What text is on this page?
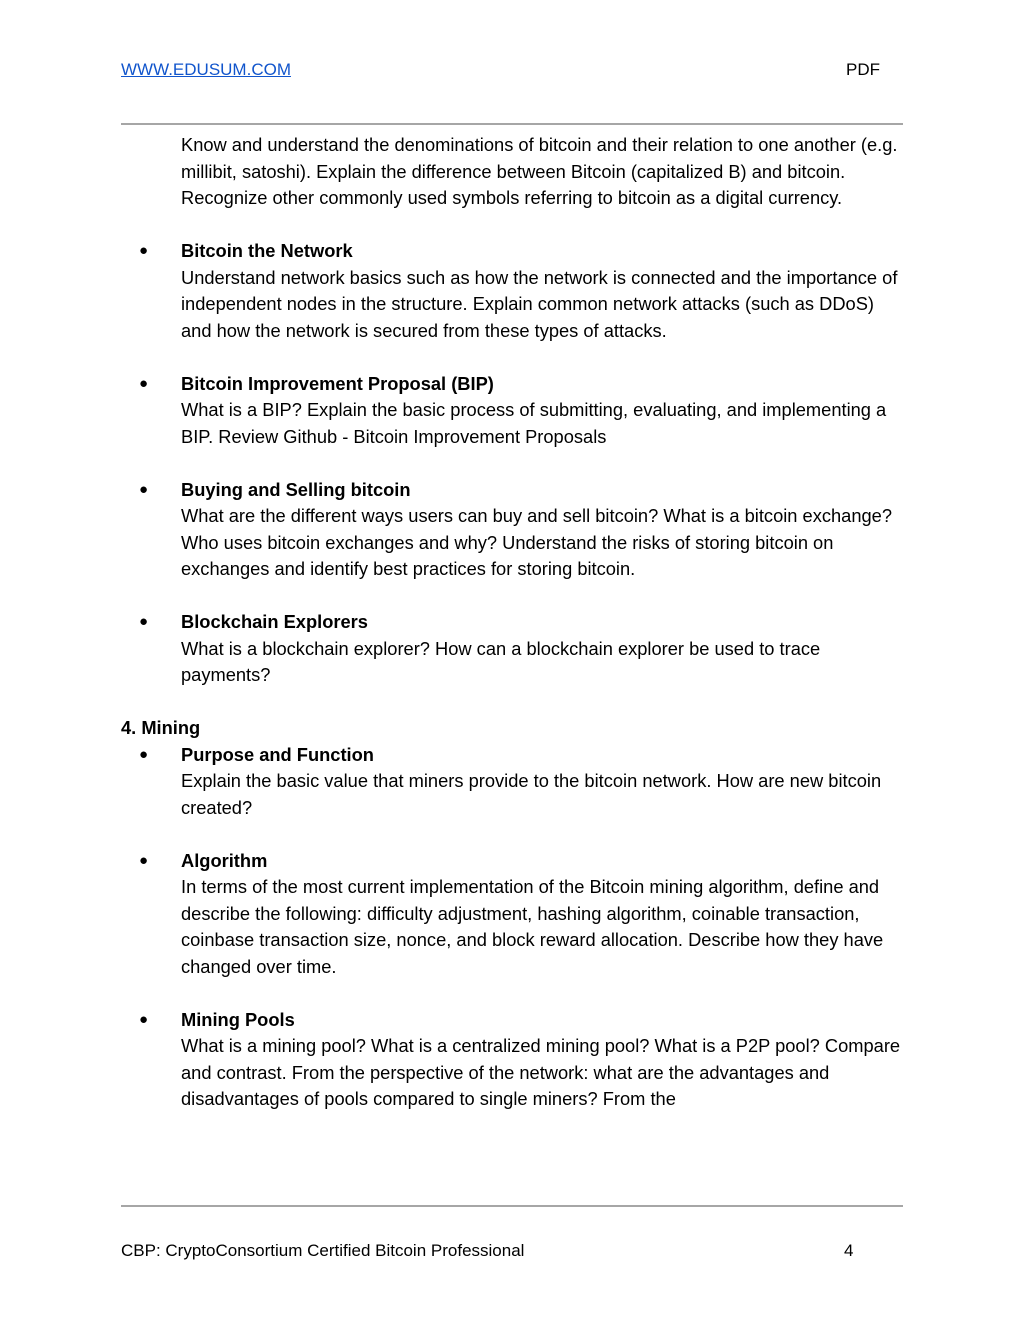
WWW.EDUSUM.COM	PDF

Know and understand the denominations of bitcoin and their relation to one another (e.g. millibit, satoshi). Explain the difference between Bitcoin (capitalized B) and bitcoin. Recognize other commonly used symbols referring to bitcoin as a digital currency.

●	Bitcoin the Network

Understand network basics such as how the network is connected and the importance of independent nodes in the structure. Explain common network attacks (such as DDoS) and how the network is secured from these types of attacks.

●	Bitcoin Improvement Proposal (BIP)

What is a BIP? Explain the basic process of submitting, evaluating, and implementing a BIP. Review Github - Bitcoin Improvement Proposals

●	Buying and Selling bitcoin

What are the different ways users can buy and sell bitcoin? What is a bitcoin exchange? Who uses bitcoin exchanges and why? Understand the risks of storing bitcoin on exchanges and identify best practices for storing bitcoin.

●	Blockchain Explorers

What is a blockchain explorer? How can a blockchain explorer be used to trace payments?

4. Mining

●	Purpose and Function

Explain the basic value that miners provide to the bitcoin network. How are new bitcoin created?

●	Algorithm

In terms of the most current implementation of the Bitcoin mining algorithm, define and describe the following: difficulty adjustment, hashing algorithm, coinable transaction, coinbase transaction size, nonce, and block reward allocation. Describe how they have changed over time.

●	Mining Pools

What is a mining pool? What is a centralized mining pool? What is a P2P pool? Compare and contrast. From the perspective of the network: what are the advantages and disadvantages of pools compared to single miners? From the

CBP: CryptoConsortium Certified Bitcoin Professional	4
